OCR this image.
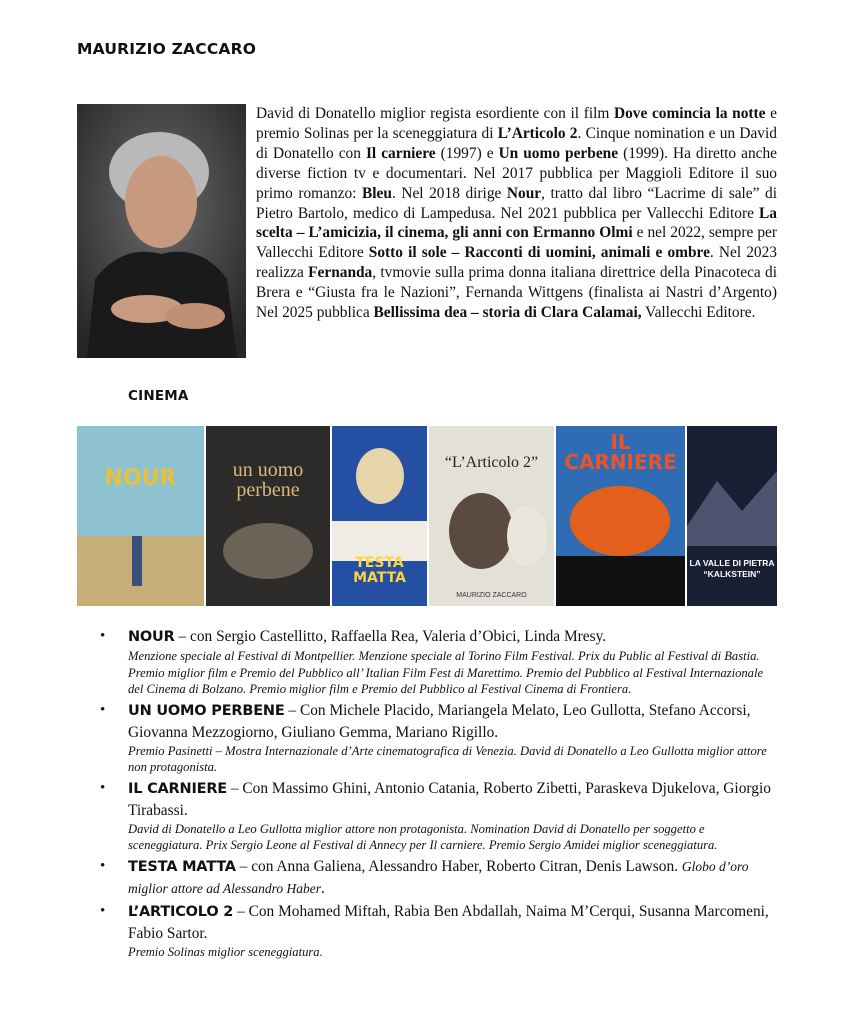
MAURIZIO ZACCARO

David di Donatello miglior regista esordiente con il film Dove comincia la notte e premio Solinas per la sceneggiatura di L’Articolo 2. Cinque nomination e un David di Donatello con Il carniere (1997) e Un uomo perbene (1999). Ha diretto anche diverse fiction tv e documentari. Nel 2017 pubblica per Maggioli Editore il suo primo romanzo: Bleu. Nel 2018 dirige Nour, tratto dal libro “Lacrime di sale” di Pietro Bartolo, medico di Lampedusa. Nel 2021 pubblica per Vallecchi Editore La scelta – L’amicizia, il cinema, gli anni con Ermanno Olmi e nel 2022, sempre per Vallecchi Editore Sotto il sole – Racconti di uomini, animali e ombre. Nel 2023 realizza Fernanda, tvmovie sulla prima donna italiana direttrice della Pinacoteca di Brera e “Giusta fra le Nazioni”, Fernanda Wittgens (finalista ai Nastri d’Argento) Nel 2025 pubblica Bellissima dea – storia di Clara Calamai, Vallecchi Editore.

CINEMA
NOUR	un uomo
perbene
TESTA
MATTA
“L’Articolo 2”
MAURIZIO ZACCARO
IL
CARNIERE
LA VALLE DI PIETRA
“KALKSTEIN”
• NOUR – con Sergio Castellitto, Raffaella Rea, Valeria d’Obici, Linda Mresy.
Menzione speciale al Festival di Montpellier. Menzione speciale al Torino Film Festival. Prix du Public al Festival di Bastia. Premio miglior film e Premio del Pubblico all’ Italian Film Fest di Marettimo. Premio del Pubblico al Festival Internazionale del Cinema di Bolzano. Premio miglior film e Premio del Pubblico al Festival Cinema di Frontiera.
• UN UOMO PERBENE – Con Michele Placido, Mariangela Melato, Leo Gullotta, Stefano Accorsi, Giovanna Mezzogiorno, Giuliano Gemma, Mariano Rigillo.
Premio Pasinetti – Mostra Internazionale d’Arte cinematografica di Venezia. David di Donatello a Leo Gullotta miglior attore non protagonista.
• IL CARNIERE – Con Massimo Ghini, Antonio Catania, Roberto Zibetti, Paraskeva Djukelova, Giorgio Tirabassi.
David di Donatello a Leo Gullotta miglior attore non protagonista. Nomination David di Donatello per soggetto e sceneggiatura. Prix Sergio Leone al Festival di Annecy per Il carniere. Premio Sergio Amidei miglior sceneggiatura.
• TESTA MATTA – con Anna Galiena, Alessandro Haber, Roberto Citran, Denis Lawson. Globo d’oro miglior attore ad Alessandro Haber.
• L’ARTICOLO 2 – Con Mohamed Miftah, Rabia Ben Abdallah, Naima M’Cerqui, Susanna Marcomeni, Fabio Sartor.
Premio Solinas miglior sceneggiatura.
